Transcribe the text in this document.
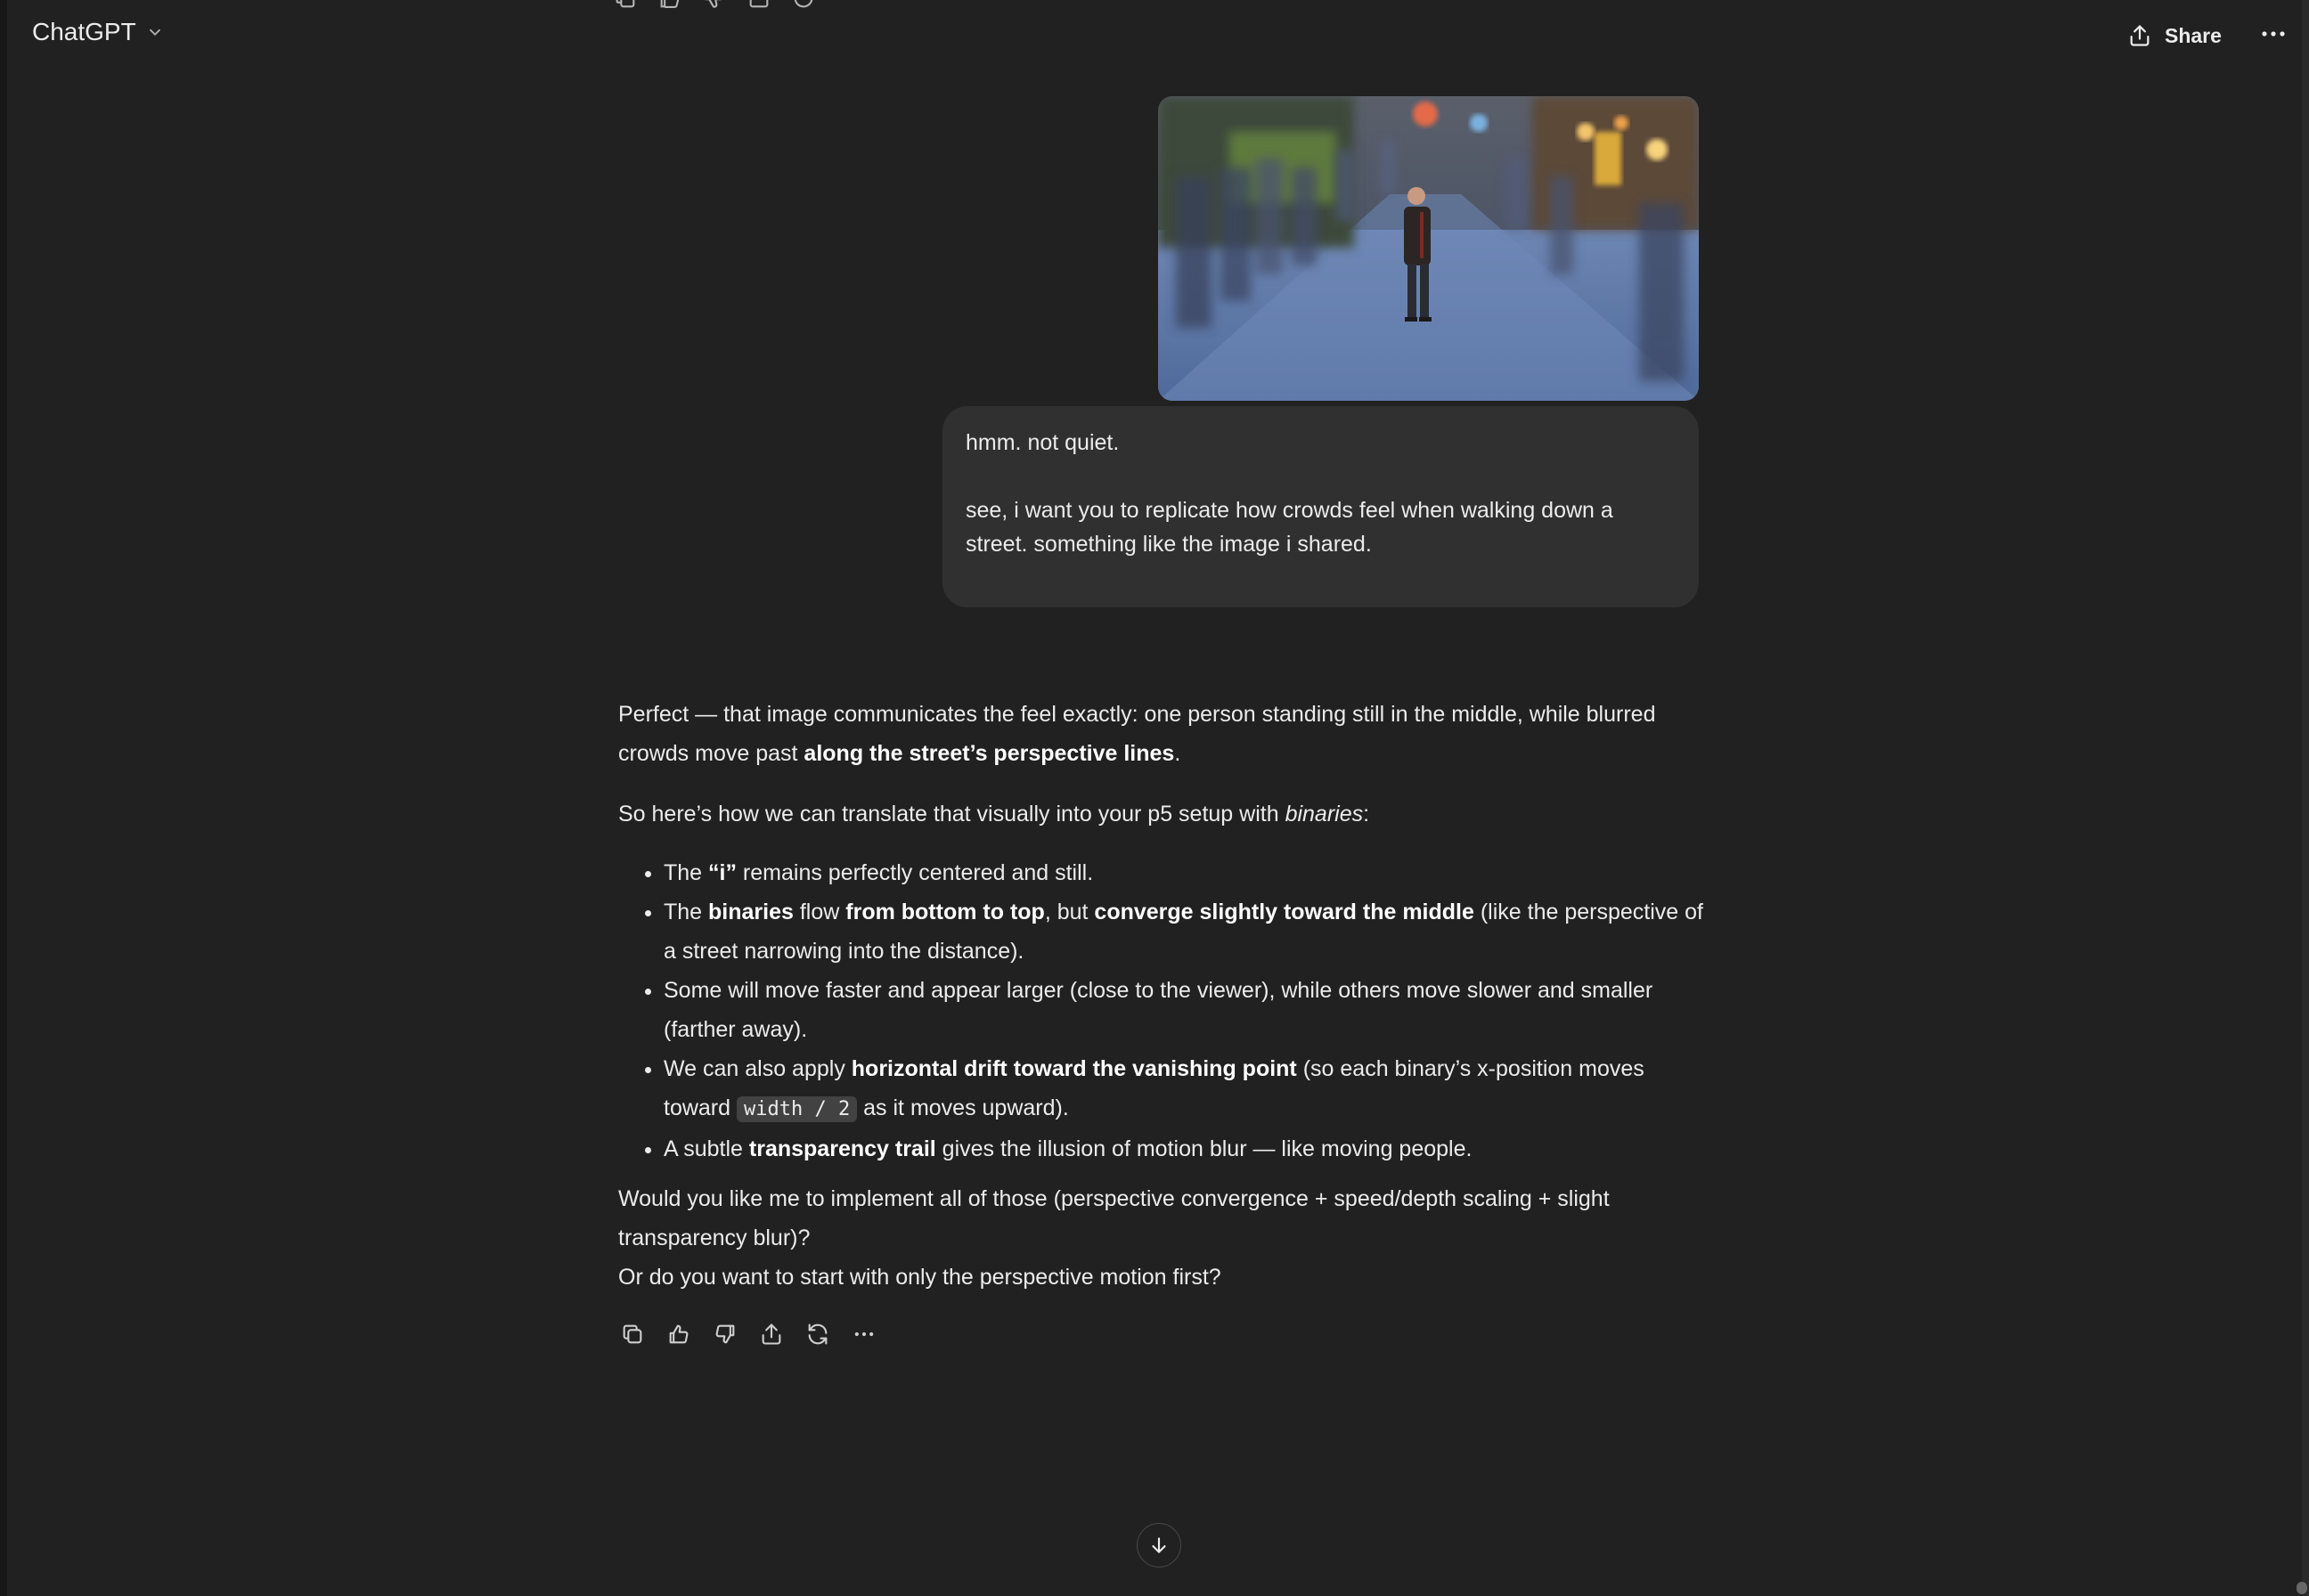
ChatGPT	Share

hmm. not quiet.

see, i want you to replicate how crowds feel when walking down a street. something like the image i shared.

Perfect — that image communicates the feel exactly: one person standing still in the middle, while blurred crowds move past along the street’s perspective lines.

So here’s how we can translate that visually into your p5 setup with binaries:

• The “i” remains perfectly centered and still.
• The binaries flow from bottom to top, but converge slightly toward the middle (like the perspective of a street narrowing into the distance).
• Some will move faster and appear larger (close to the viewer), while others move slower and smaller (farther away).
• We can also apply horizontal drift toward the vanishing point (so each binary’s x-position moves toward width / 2 as it moves upward).
• A subtle transparency trail gives the illusion of motion blur — like moving people.

Would you like me to implement all of those (perspective convergence + speed/depth scaling + slight transparency blur)?

Or do you want to start with only the perspective motion first?
